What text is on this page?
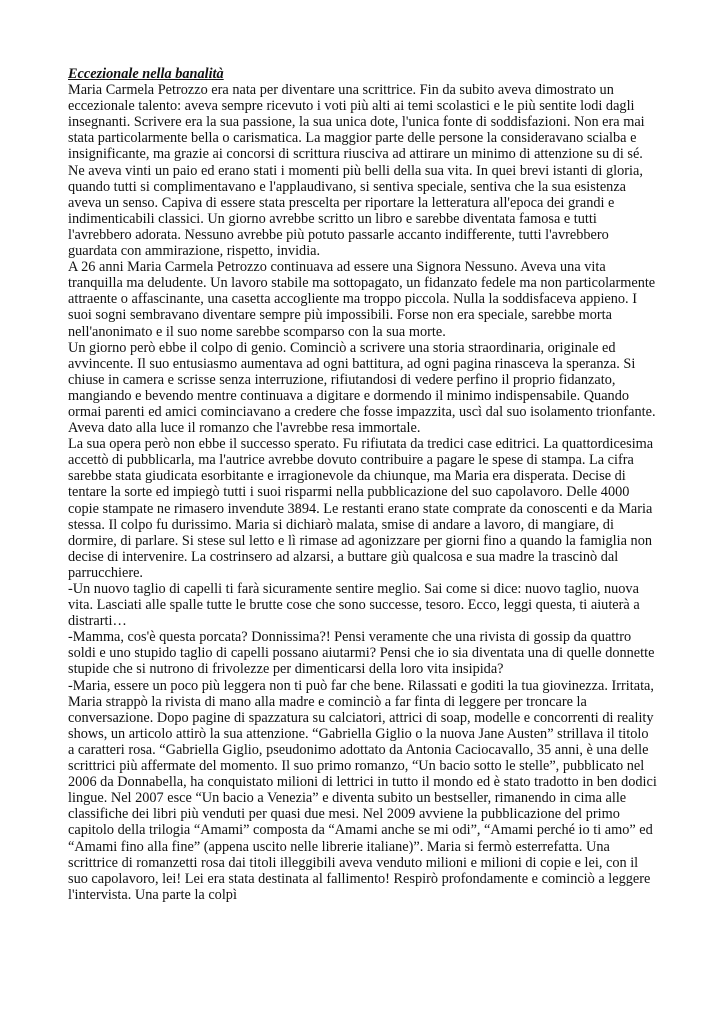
Eccezionale nella banalità

Maria Carmela Petrozzo era nata per diventare una scrittrice. Fin da subito aveva dimostrato un eccezionale talento: aveva sempre ricevuto i voti più alti ai temi scolastici e le più sentite lodi dagli insegnanti. Scrivere era la sua passione, la sua unica dote, l'unica fonte di soddisfazioni. Non era mai stata particolarmente bella o carismatica. La maggior parte delle persone la consideravano scialba e insignificante, ma grazie ai concorsi di scrittura riusciva ad attirare un minimo di attenzione su di sé. Ne aveva vinti un paio ed erano stati i momenti più belli della sua vita. In quei brevi istanti di gloria, quando tutti si complimentavano e l'applaudivano, si sentiva speciale, sentiva che la sua esistenza aveva un senso. Capiva di essere stata prescelta per riportare la letteratura all'epoca dei grandi e indimenticabili classici. Un giorno avrebbe scritto un libro e sarebbe diventata famosa e tutti l'avrebbero adorata. Nessuno avrebbe più potuto passarle accanto indifferente, tutti l'avrebbero guardata con ammirazione, rispetto, invidia.

A 26 anni Maria Carmela Petrozzo continuava ad essere una Signora Nessuno. Aveva una vita tranquilla ma deludente. Un lavoro stabile ma sottopagato, un fidanzato fedele ma non particolarmente attraente o affascinante, una casetta accogliente ma troppo piccola. Nulla la soddisfaceva appieno. I suoi sogni sembravano diventare sempre più impossibili. Forse non era speciale, sarebbe morta nell'anonimato e il suo nome sarebbe scomparso con la sua morte.

Un giorno però ebbe il colpo di genio. Cominciò a scrivere una storia straordinaria, originale ed avvincente. Il suo entusiasmo aumentava ad ogni battitura, ad ogni pagina rinasceva la speranza. Si chiuse in camera e scrisse senza interruzione, rifiutandosi di vedere perfino il proprio fidanzato, mangiando e bevendo mentre continuava a digitare e dormendo il minimo indispensabile. Quando ormai parenti ed amici cominciavano a credere che fosse impazzita, uscì dal suo isolamento trionfante. Aveva dato alla luce il romanzo che l'avrebbe resa immortale.

La sua opera però non ebbe il successo sperato. Fu rifiutata da tredici case editrici. La quattordicesima accettò di pubblicarla, ma l'autrice avrebbe dovuto contribuire a pagare le spese di stampa. La cifra sarebbe stata giudicata esorbitante e irragionevole da chiunque, ma Maria era disperata. Decise di tentare la sorte ed impiegò tutti i suoi risparmi nella pubblicazione del suo capolavoro. Delle 4000 copie stampate ne rimasero invendute 3894. Le restanti erano state comprate da conoscenti e da Maria stessa. Il colpo fu durissimo. Maria si dichiarò malata, smise di andare a lavoro, di mangiare, di dormire, di parlare. Si stese sul letto e lì rimase ad agonizzare per giorni fino a quando la famiglia non decise di intervenire. La costrinsero ad alzarsi, a buttare giù qualcosa e sua madre la trascinò dal parrucchiere.

-Un nuovo taglio di capelli ti farà sicuramente sentire meglio. Sai come si dice: nuovo taglio, nuova vita. Lasciati alle spalle tutte le brutte cose che sono successe, tesoro. Ecco, leggi questa, ti aiuterà a distrarti…

-Mamma, cos'è questa porcata? Donnissima?! Pensi veramente che una rivista di gossip da quattro soldi e uno stupido taglio di capelli possano aiutarmi? Pensi che io sia diventata una di quelle donnette stupide che si nutrono di frivolezze per dimenticarsi della loro vita insipida?

-Maria, essere un poco più leggera non ti può far che bene. Rilassati e goditi la tua giovinezza. Irritata, Maria strappò la rivista di mano alla madre e cominciò a far finta di leggere per troncare la conversazione. Dopo pagine di spazzatura su calciatori, attrici di soap, modelle e concorrenti di reality shows, un articolo attirò la sua attenzione. “Gabriella Giglio o la nuova Jane Austen” strillava il titolo a caratteri rosa. “Gabriella Giglio, pseudonimo adottato da Antonia Caciocavallo, 35 anni, è una delle scrittrici più affermate del momento. Il suo primo romanzo, “Un bacio sotto le stelle”, pubblicato nel 2006 da Donnabella, ha conquistato milioni di lettrici in tutto il mondo ed è stato tradotto in ben dodici lingue. Nel 2007 esce “Un bacio a Venezia” e diventa subito un bestseller, rimanendo in cima alle classifiche dei libri più venduti per quasi due mesi. Nel 2009 avviene la pubblicazione del primo capitolo della trilogia “Amami” composta da “Amami anche se mi odi”, “Amami perché io ti amo” ed “Amami fino alla fine” (appena uscito nelle librerie italiane)”. Maria si fermò esterrefatta. Una scrittrice di romanzetti rosa dai titoli illeggibili aveva venduto milioni e milioni di copie e lei, con il suo capolavoro, lei! Lei era stata destinata al fallimento! Respirò profondamente e cominciò a leggere l'intervista. Una parte la colpì
